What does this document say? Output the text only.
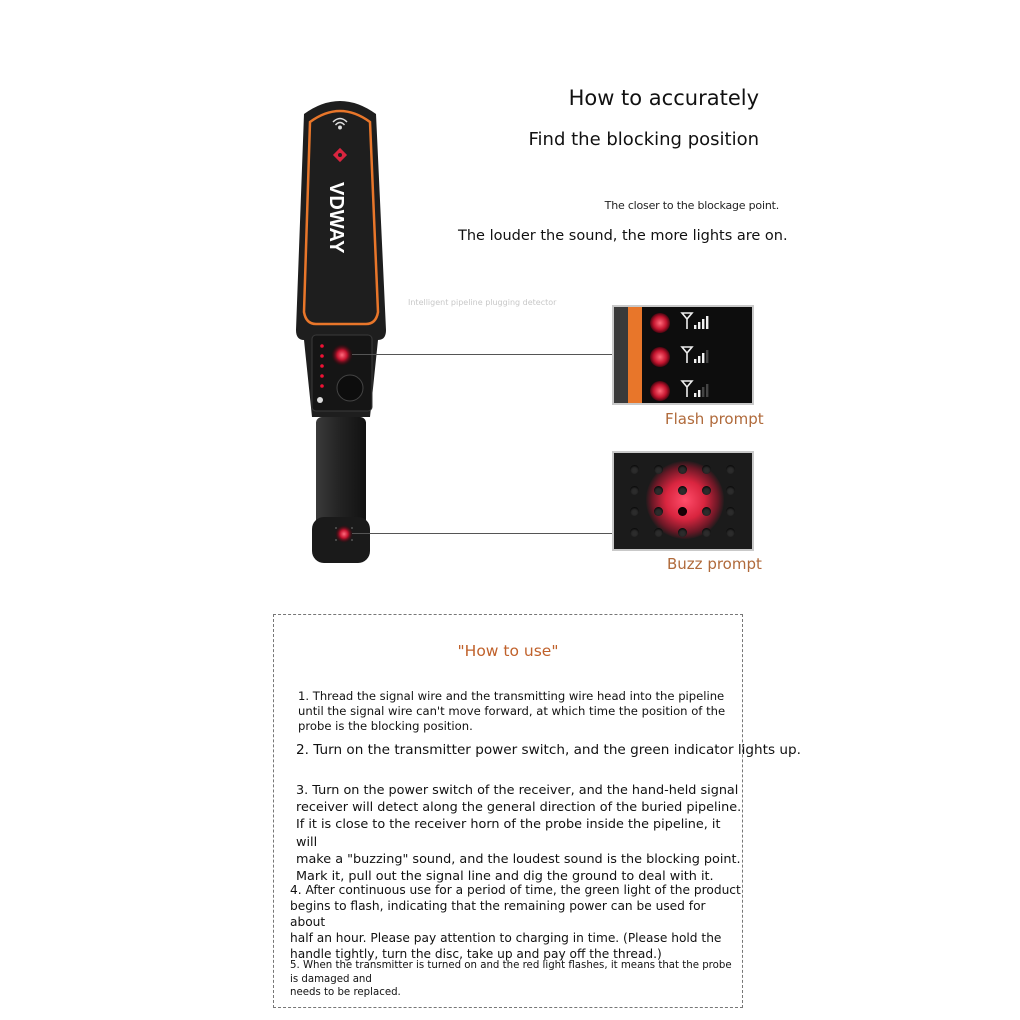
How to accurately
Find the blocking position
The closer to the blockage point.
The louder the sound, the more lights are on.
Intelligent pipeline plugging detector
VDWAY
Flash prompt
Buzz prompt
"How to use"
1. Thread the signal wire and the transmitting wire head into the pipeline
until the signal wire can't move forward, at which time the position of the
probe is the blocking position.
2. Turn on the transmitter power switch, and the green indicator lights up.
3. Turn on the power switch of the receiver, and the hand-held signal
receiver will detect along the general direction of the buried pipeline.
If it is close to the receiver horn of the probe inside the pipeline, it will
make a "buzzing" sound, and the loudest sound is the blocking point.
Mark it, pull out the signal line and dig the ground to deal with it.
4. After continuous use for a period of time, the green light of the product
begins to flash, indicating that the remaining power can be used for about
half an hour. Please pay attention to charging in time. (Please hold the
handle tightly, turn the disc, take up and pay off the thread.)
5. When the transmitter is turned on and the red light flashes, it means that the probe is damaged and
needs to be replaced.
